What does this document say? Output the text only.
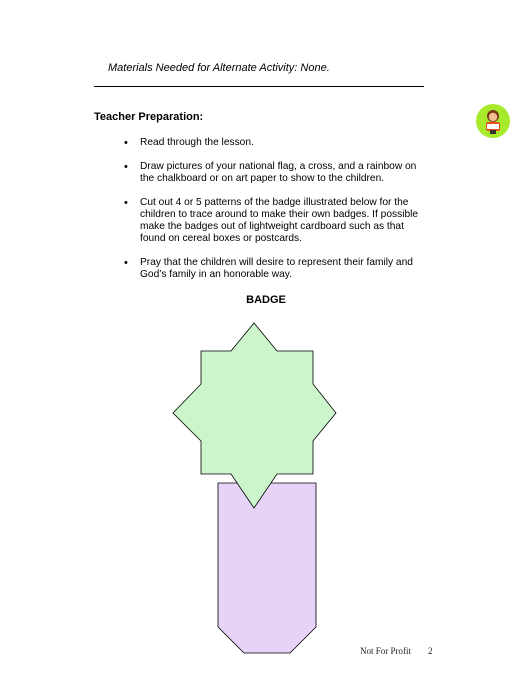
Materials Needed for Alternate Activity: None.
Teacher Preparation:
• Read through the lesson.
• Draw pictures of your national flag, a cross, and a rainbow on the chalkboard or on art paper to show to the children.
• Cut out 4 or 5 patterns of the badge illustrated below for the children to trace around to make their own badges. If possible make the badges out of lightweight cardboard such as that found on cereal boxes or postcards.
• Pray that the children will desire to represent their family and God’s family in an honorable way.
BADGE
Not For Profit 2
